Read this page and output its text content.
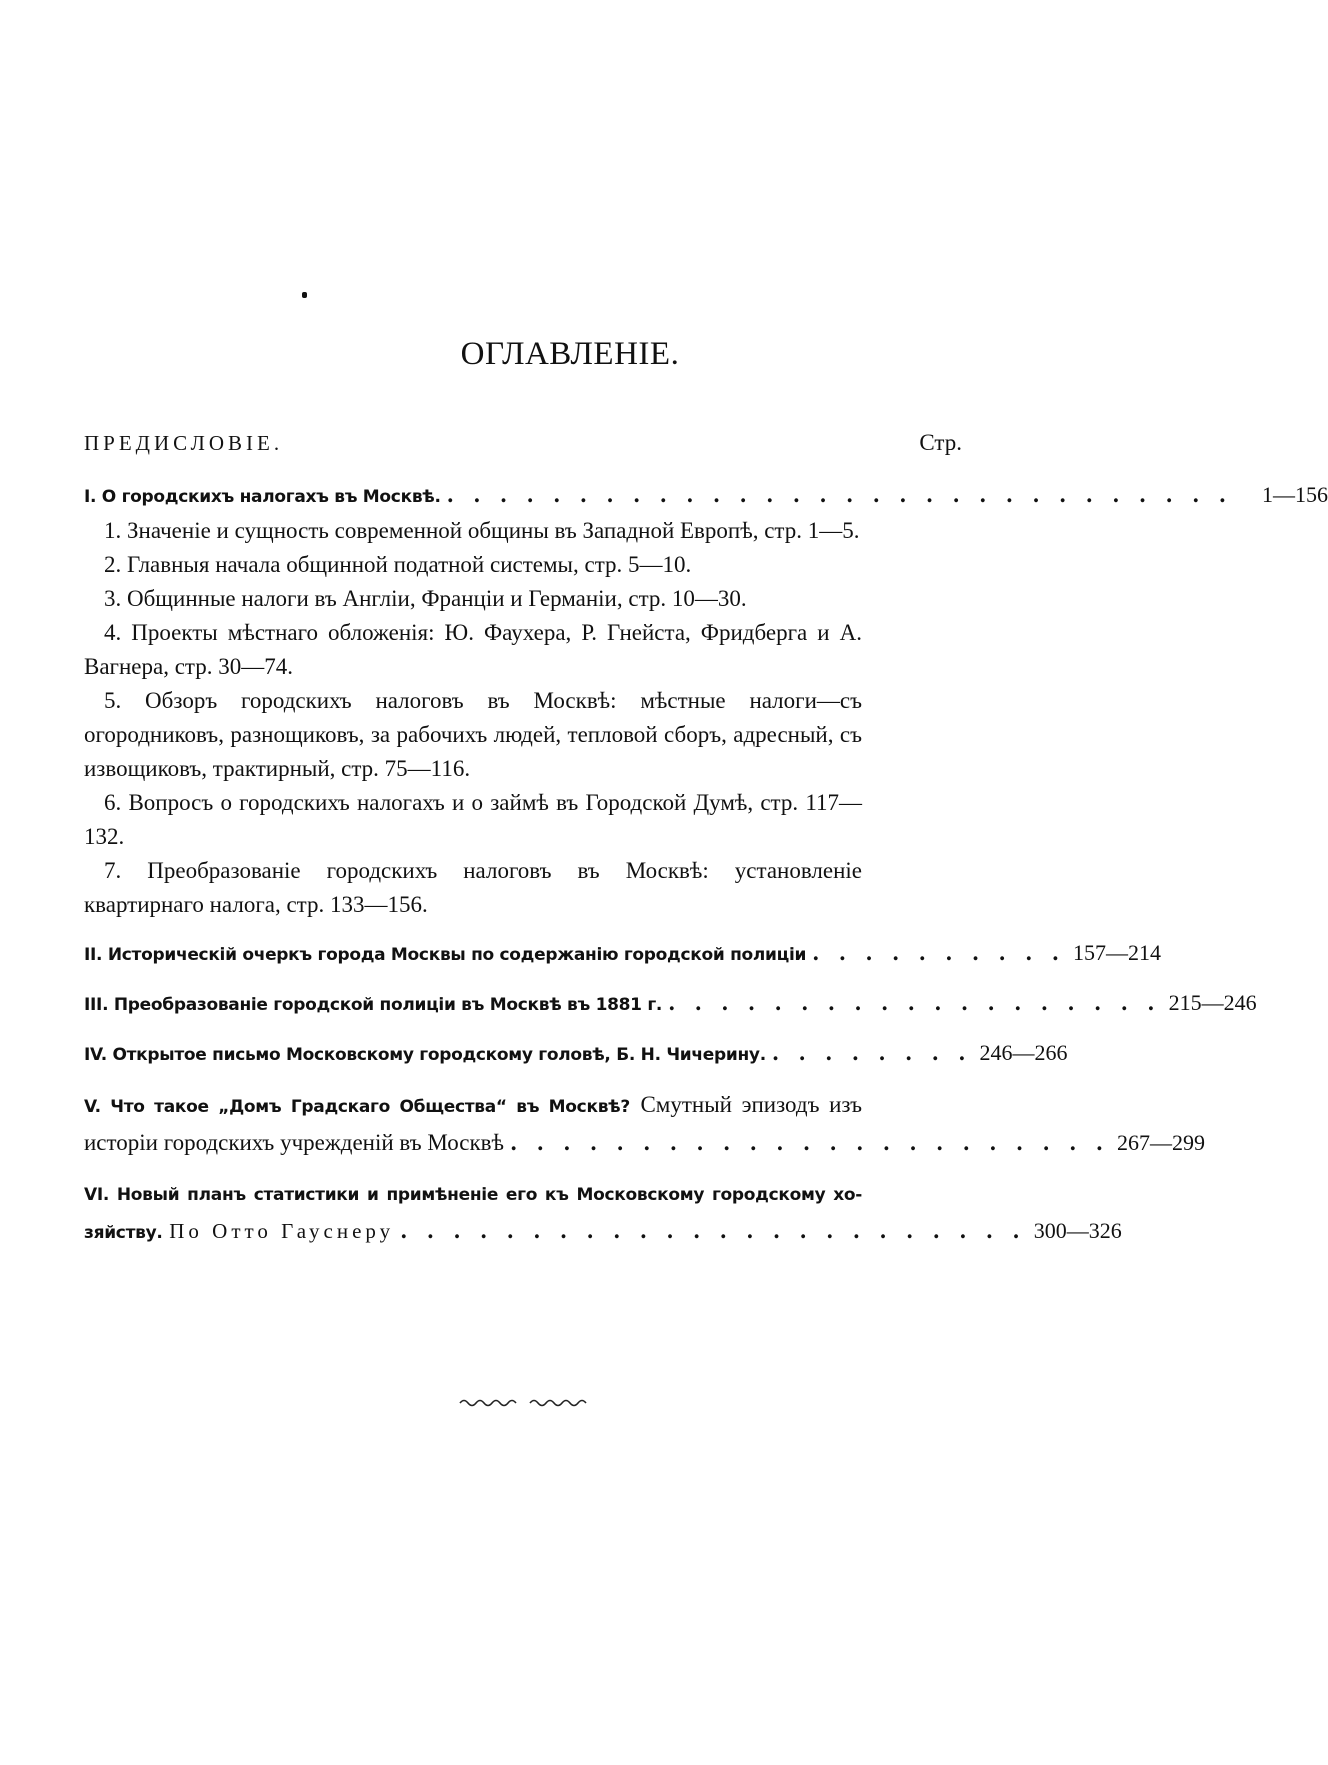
ОГЛАВЛЕНІЕ.
ПРЕДИСЛОВІЕ.	Стр.
I. О городскихъ налогахъ въ Москвѣ. . . . . . . . . . . . . . . . . . . . . . . . . . . . . . .	1—156

1. Значеніе и сущность современной общины въ Западной Европѣ, стр. 1—5.

2. Главныя начала общинной податной системы, стр. 5—10.

3. Общинные налоги въ Англіи, Франціи и Германіи, стр. 10—30.

4. Проекты мѣстнаго обложенія: Ю. Фаухера, Р. Гнейста, Фридберга и А. Вагнера, стр. 30—74.

5. Обзоръ городскихъ налоговъ въ Москвѣ: мѣстные налоги—съ огородниковъ, разнощиковъ, за рабочихъ людей, тепловой сборъ, адресный, съ извощиковъ, трактирный, стр. 75—116.

6. Вопросъ о городскихъ налогахъ и о займѣ въ Городской Думѣ, стр. 117—132.

7. Преобразованіе городскихъ налоговъ въ Москвѣ: установленіе квартирнаго налога, стр. 133—156.

II. Историческій очеркъ города Москвы по содержанію городской полиціи . . . . . . . . . . 157—214
III. Преобразованіе городской полиціи въ Москвѣ въ 1881 г. . . . . . . . . . . . . . . . . . . . 215—246
IV. Открытое письмо Московскому городскому головѣ, Б. Н. Чичерину. . . . . . . . . 246—266
V. Что такое „Домъ Градскаго Общества“ въ Москвѣ? Смутный эпизодъ изъ
исторіи городскихъ учрежденій въ Москвѣ . . . . . . . . . . . . . . . . . . . . . . . 267—299
VI. Новый планъ статистики и примѣненіе его къ Московскому городскому хо-
зяйству. По Отто Гауснеру . . . . . . . . . . . . . . . . . . . . . . . . 300—326
